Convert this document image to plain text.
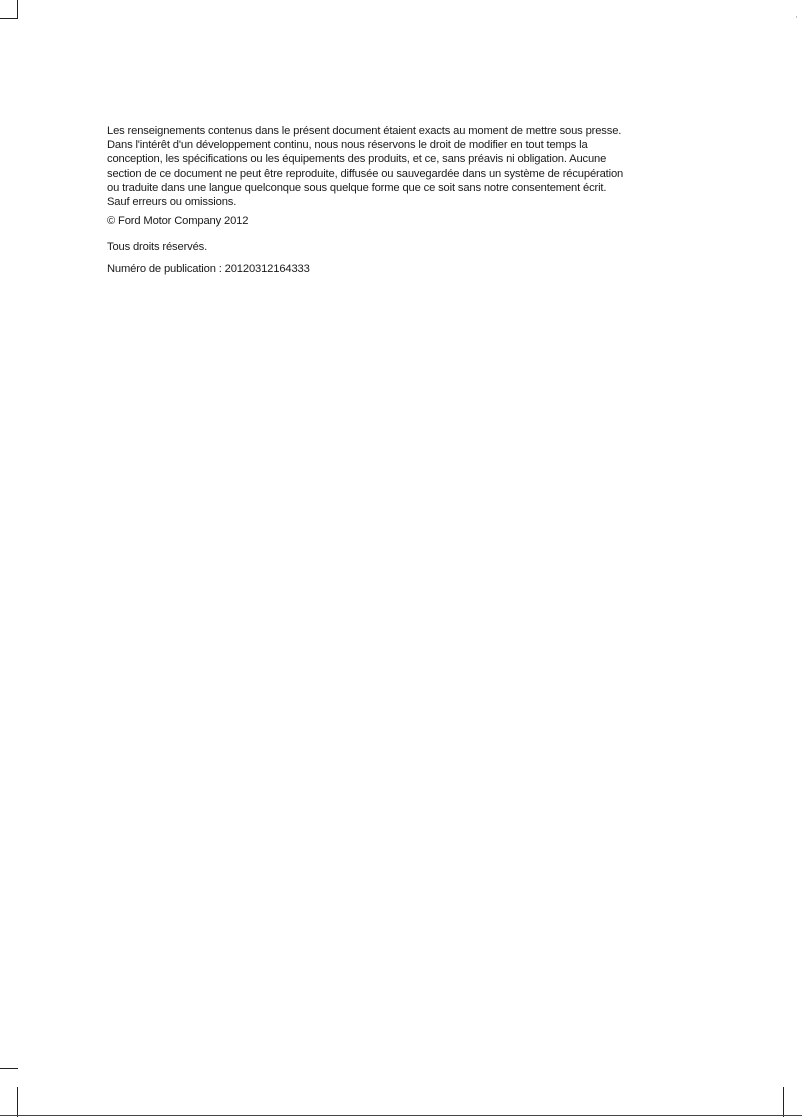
Les renseignements contenus dans le présent document étaient exacts au moment de mettre sous presse.
Dans l'intérêt d'un développement continu, nous nous réservons le droit de modifier en tout temps la
conception, les spécifications ou les équipements des produits, et ce, sans préavis ni obligation. Aucune
section de ce document ne peut être reproduite, diffusée ou sauvegardée dans un système de récupération
ou traduite dans une langue quelconque sous quelque forme que ce soit sans notre consentement écrit.
Sauf erreurs ou omissions.

© Ford Motor Company 2012
Tous droits réservés.
Numéro de publication : 20120312164333
